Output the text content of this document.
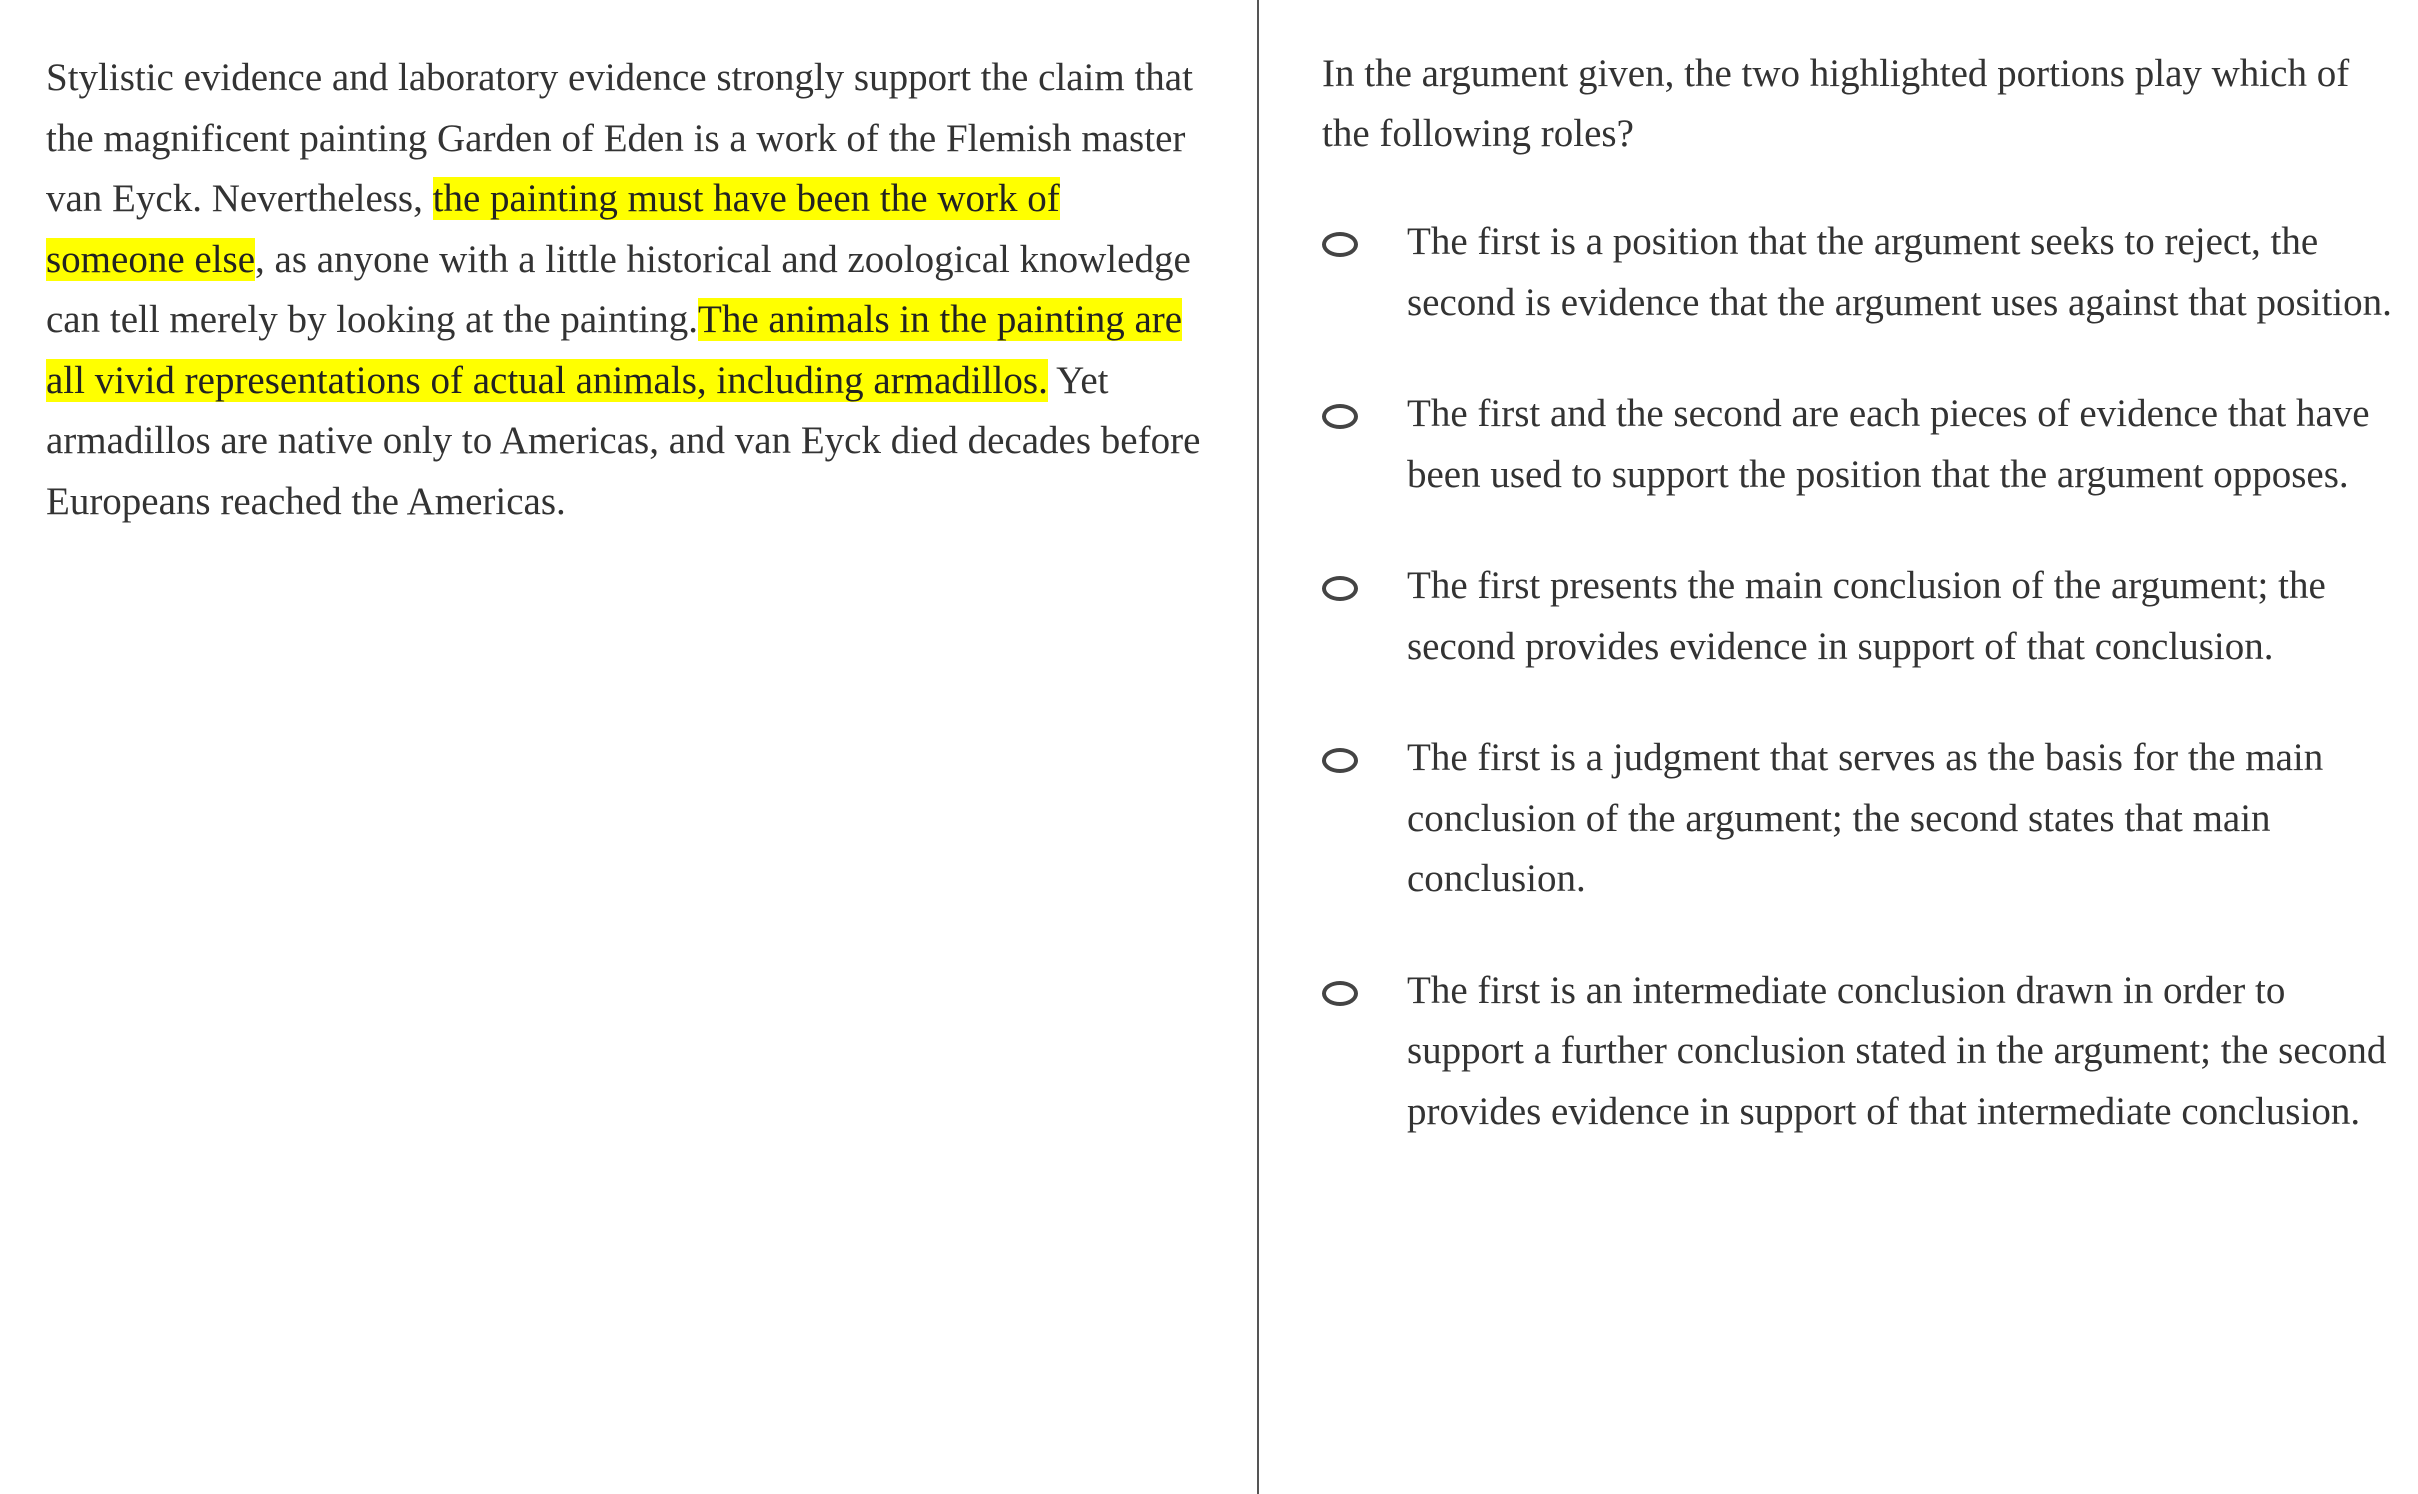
Stylistic evidence and laboratory evidence strongly support the claim that the magnificent painting Garden of Eden is a work of the Flemish master van Eyck. Nevertheless, the painting must have been the work of someone else, as anyone with a little historical and zoological knowledge can tell merely by looking at the painting.The animals in the painting are all vivid representations of actual animals, including armadillos. Yet armadillos are native only to Americas, and van Eyck died decades before Europeans reached the Americas.

In the argument given, the two highlighted portions play which of the following roles?

The first is a position that the argument seeks to reject, the second is evidence that the argument uses against that position.
The first and the second are each pieces of evidence that have been used to support the position that the argument opposes.
The first presents the main conclusion of the argument; the second provides evidence in support of that conclusion.
The first is a judgment that serves as the basis for the main conclusion of the argument; the second states that main conclusion.
The first is an intermediate conclusion drawn in order to support a further conclusion stated in the argument; the second provides evidence in support of that intermediate conclusion.
